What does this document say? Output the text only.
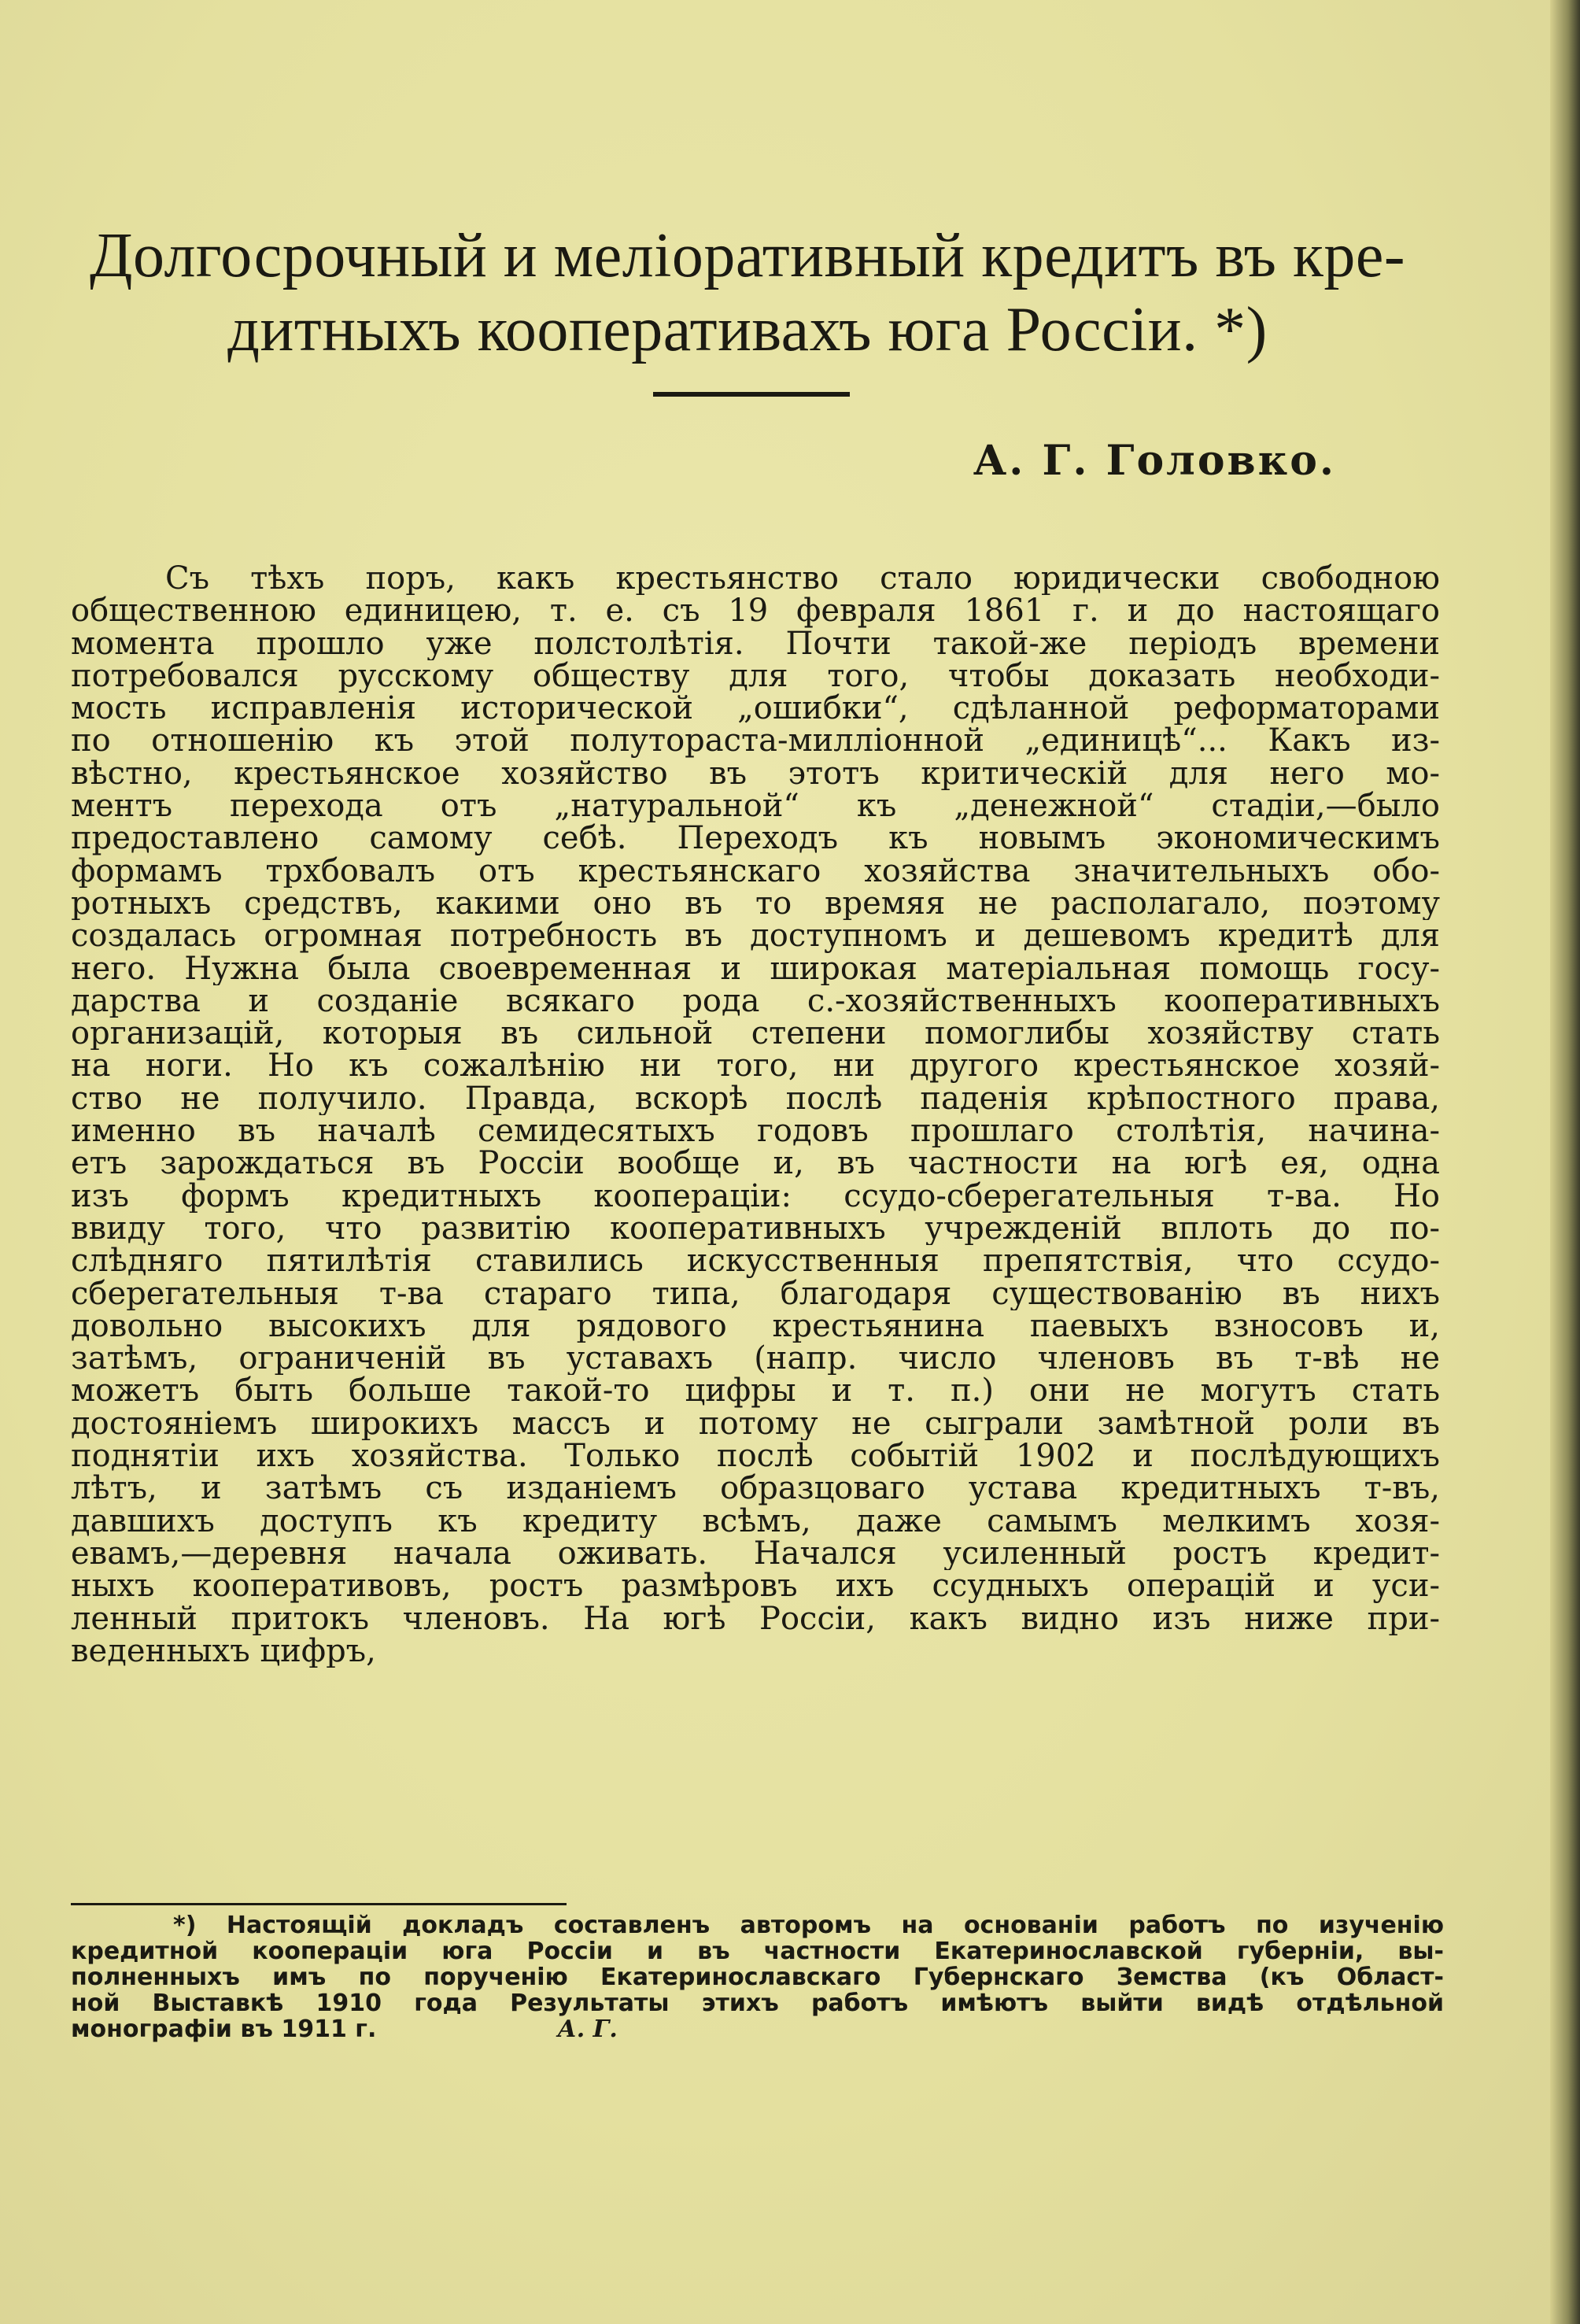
Долгосрочный и меліоративный кредитъ въ кре-
дитныхъ кооперативахъ юга Россіи. *)
А. Г. Головко.
Съ тѣхъ поръ, какъ крестьянство стало юридически свободною
общественною единицею, т. е. съ 19 февраля 1861 г. и до настоящаго
момента прошло уже полстолѣтія. Почти такой-же періодъ времени
потребовался русскому обществу для того, чтобы доказать необходи-
мость исправленія исторической „ошибки“, сдѣланной реформаторами
по отношенію къ этой полутораста-милліонной „единицѣ“... Какъ из-
вѣстно, крестьянское хозяйство въ этотъ критическій для него мо-
ментъ перехода отъ „натуральной“ къ „денежной“ стадіи,—было
предоставлено самому себѣ. Переходъ къ новымъ экономическимъ
формамъ трхбовалъ отъ крестьянскаго хозяйства значительныхъ обо-
ротныхъ средствъ, какими оно въ то времяя не располагало, поэтому
создалась огромная потребность въ доступномъ и дешевомъ кредитѣ для
него. Нужна была своевременная и широкая матеріальная помощь госу-
дарства и созданіе всякаго рода с.-хозяйственныхъ кооперативныхъ
организацій, которыя въ сильной степени помоглибы хозяйству стать
на ноги. Но къ сожалѣнію ни того, ни другого крестьянское хозяй-
ство не получило. Правда, вскорѣ послѣ паденія крѣпостного права,
именно въ началѣ семидесятыхъ годовъ прошлаго столѣтія, начина-
етъ зарождаться въ Россіи вообще и, въ частности на югѣ ея, одна
изъ формъ кредитныхъ коопераціи: ссудо-сберегательныя т-ва. Но
ввиду того, что развитію кооперативныхъ учрежденій вплоть до по-
слѣдняго пятилѣтія ставились искусственныя препятствія, что ссудо-
сберегательныя т-ва стараго типа, благодаря существованію въ нихъ
довольно высокихъ для рядового крестьянина паевыхъ взносовъ и,
затѣмъ, ограниченій въ уставахъ (напр. число членовъ въ т-вѣ не
можетъ быть больше такой-то цифры и т. п.) они не могутъ стать
достояніемъ широкихъ массъ и потому не сыграли замѣтной роли въ
поднятіи ихъ хозяйства. Только послѣ событій 1902 и послѣдующихъ
лѣтъ, и затѣмъ съ изданіемъ образцоваго устава кредитныхъ т-въ,
давшихъ доступъ къ кредиту всѣмъ, даже самымъ мелкимъ хозя-
евамъ,—деревня начала оживать. Начался усиленный ростъ кредит-
ныхъ кооперативовъ, ростъ размѣровъ ихъ ссудныхъ операцій и уси-
ленный притокъ членовъ. На югѣ Россіи, какъ видно изъ ниже при-
веденныхъ цифръ,
*) Настоящій докладъ составленъ авторомъ на основаніи работъ по изученію
кредитной коопераціи юга Россіи и въ частности Екатеринославской губерніи, вы-
полненныхъ имъ по порученію Екатеринославскаго Губернскаго Земства (къ Област-
ной Выставкѣ 1910 года Результаты этихъ работъ имѣютъ выйти видѣ отдѣльной
монографіи въ 1911 г.	А. Г.
